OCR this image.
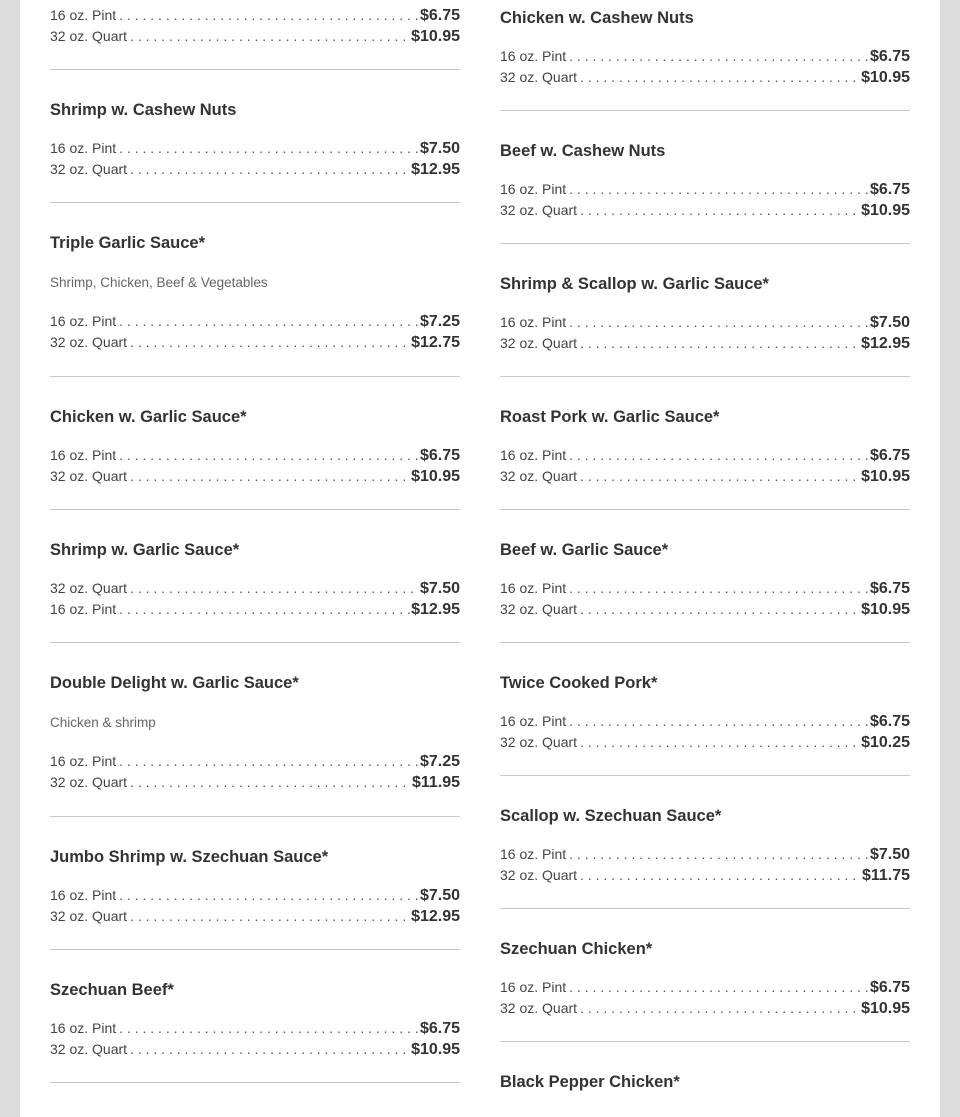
16 oz. Pint . . .	$6.75
32 oz. Quart . . .	$10.95
Shrimp w. Cashew Nuts
16 oz. Pint . . .	$7.50
32 oz. Quart . . .	$12.95
Triple Garlic Sauce*
Shrimp, Chicken, Beef & Vegetables
16 oz. Pint . . .	$7.25
32 oz. Quart . . .	$12.75
Chicken w. Garlic Sauce*
16 oz. Pint . . .	$6.75
32 oz. Quart . . .	$10.95
Shrimp w. Garlic Sauce*
32 oz. Quart . . .	$7.50
16 oz. Pint . . .	$12.95
Double Delight w. Garlic Sauce*
Chicken & shrimp
16 oz. Pint . . .	$7.25
32 oz. Quart . . .	$11.95
Jumbo Shrimp w. Szechuan Sauce*
16 oz. Pint . . .	$7.50
32 oz. Quart . . .	$12.95
Szechuan Beef*
16 oz. Pint . . .	$6.75
32 oz. Quart . . .	$10.95
Chicken w. Cashew Nuts
16 oz. Pint . . .	$6.75
32 oz. Quart . . .	$10.95
Beef w. Cashew Nuts
16 oz. Pint . . .	$6.75
32 oz. Quart . . .	$10.95
Shrimp & Scallop w. Garlic Sauce*
16 oz. Pint . . .	$7.50
32 oz. Quart . . .	$12.95
Roast Pork w. Garlic Sauce*
16 oz. Pint . . .	$6.75
32 oz. Quart . . .	$10.95
Beef w. Garlic Sauce*
16 oz. Pint . . .	$6.75
32 oz. Quart . . .	$10.95
Twice Cooked Pork*
16 oz. Pint . . .	$6.75
32 oz. Quart . . .	$10.25
Scallop w. Szechuan Sauce*
16 oz. Pint . . .	$7.50
32 oz. Quart . . .	$11.75
Szechuan Chicken*
16 oz. Pint . . .	$6.75
32 oz. Quart . . .	$10.95
Black Pepper Chicken*
